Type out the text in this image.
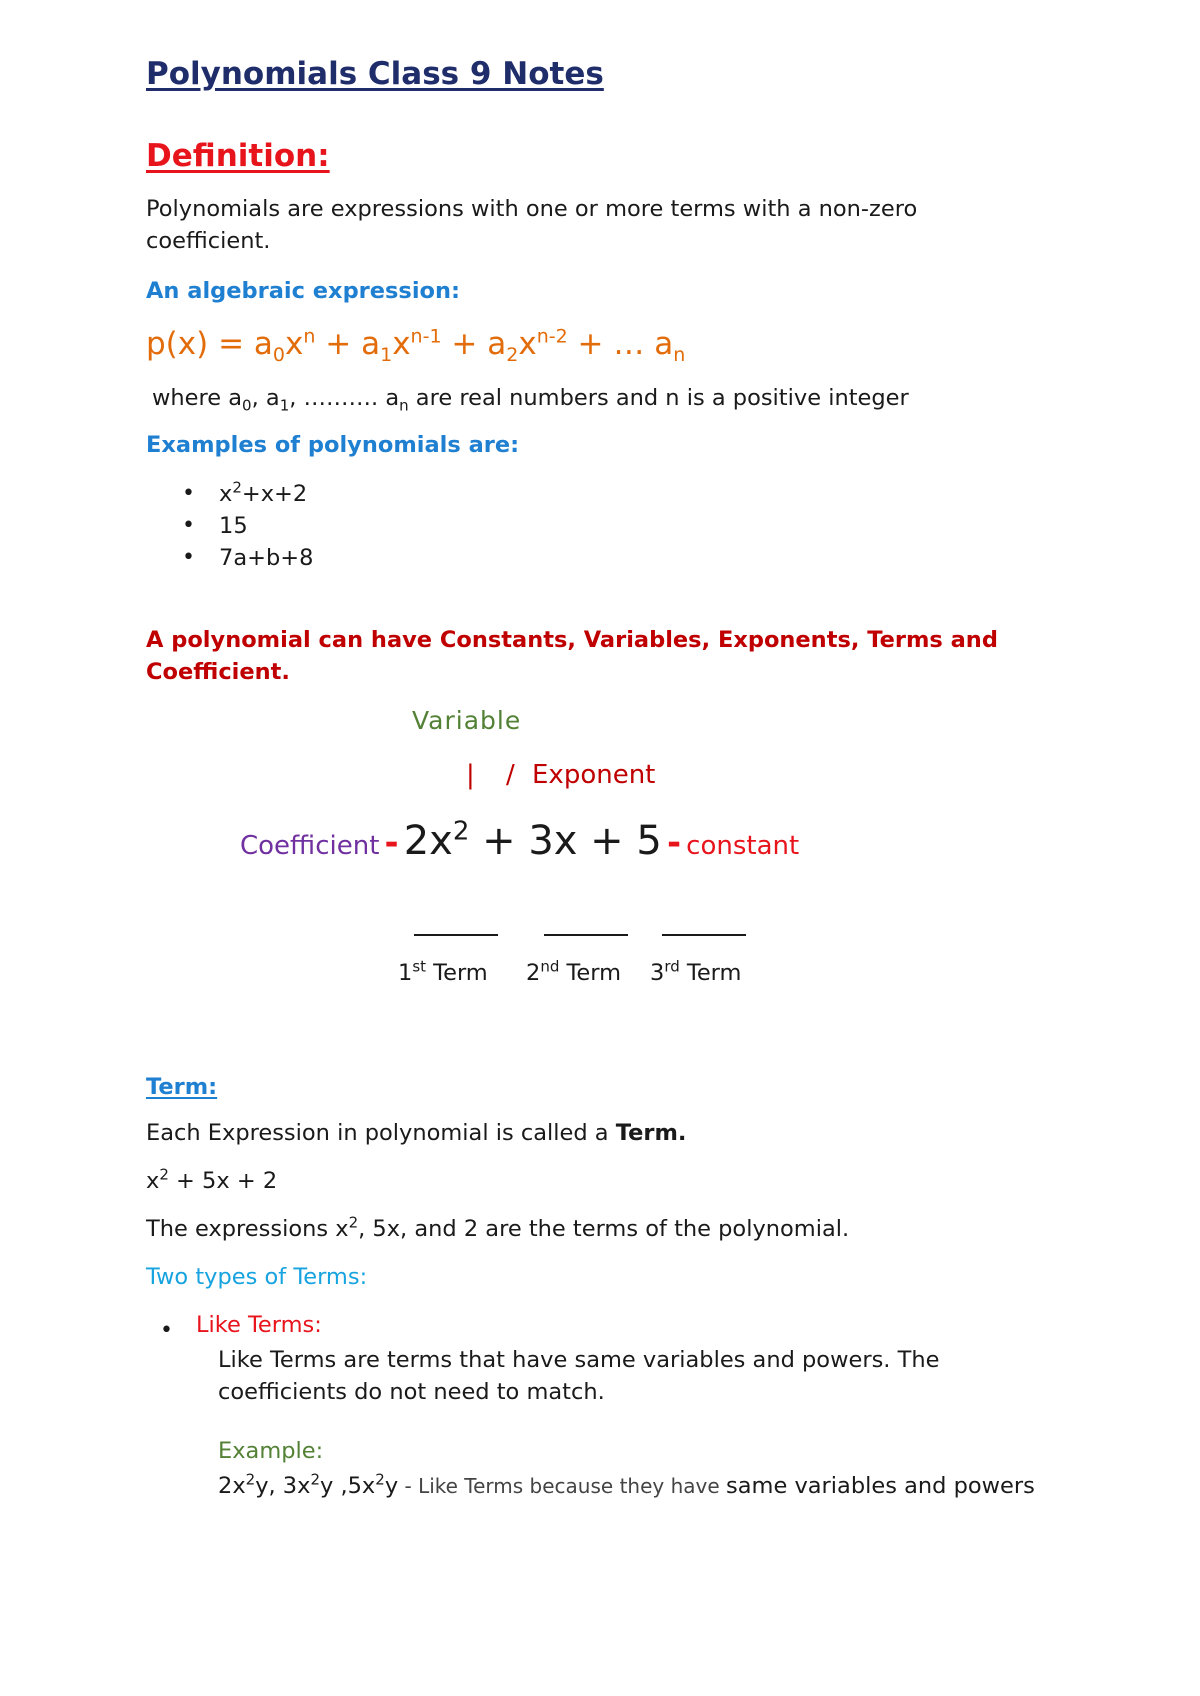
Polynomials Class 9 Notes
Definition:
Polynomials are expressions with one or more terms with a non-zero
coefficient.
An algebraic expression:
$p(x) = a_0x^n + a_1x^{n-1} + a_2x^{n-2}$ + … $a_n$
where $a_0$, $a_1$, ………. $a_n$ are real numbers and n is a positive integer
Examples of polynomials are:
• $x^2+x+2$
• 15
• 7a+b+8
A polynomial can have Constants, Variables, Exponents, Terms and Coefficient.
Variable
| / Exponent
Coefficient - $2x^2 + 3x + 5$ - constant
1st Term 2nd Term 3rd Term
Term:
Each Expression in polynomial is called a Term.
$x^2 + 5x + 2$
The expressions $x^2$, 5x, and 2 are the terms of the polynomial.
Two types of Terms:
• Like Terms:
Like Terms are terms that have same variables and powers. The coefficients do not need to match.
Example:
$2x^2y$, $3x^2y$ $,5x^2y$ - Like Terms because they have same variables and powers
